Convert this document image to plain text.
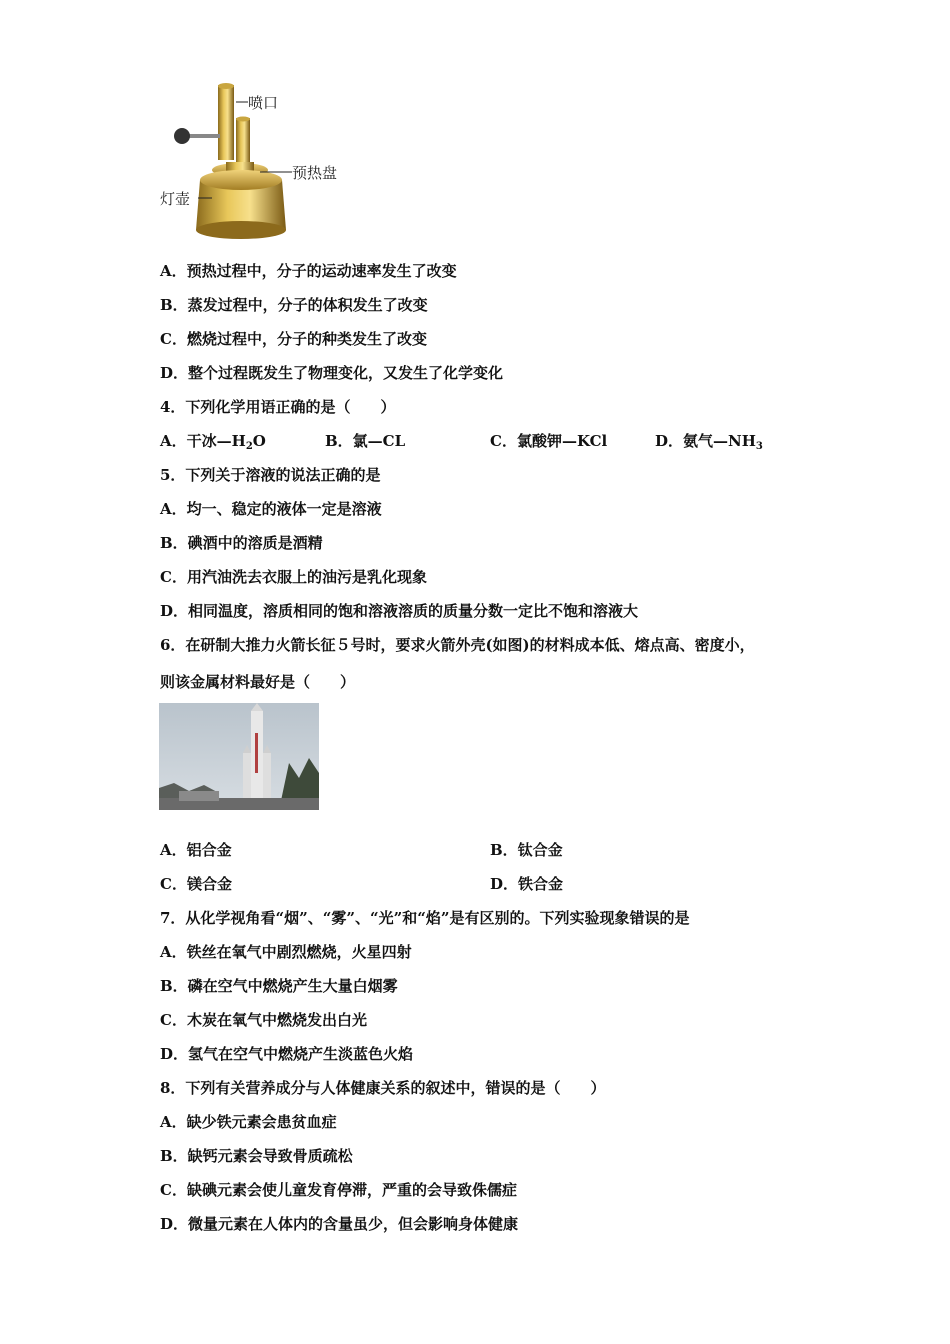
喷口
预热盘
灯壶
A．预热过程中，分子的运动速率发生了改变
B．蒸发过程中，分子的体积发生了改变
C．燃烧过程中，分子的种类发生了改变
D．整个过程既发生了物理变化，又发生了化学变化
4．下列化学用语正确的是（　　）
A．干冰$—H_2O$	B．氯—CL	C．氯酸钾—KCl	D．氨气$—NH_3$
5．下列关于溶液的说法正确的是
A．均一、稳定的液体一定是溶液
B．碘酒中的溶质是酒精
C．用汽油洗去衣服上的油污是乳化现象
D．相同温度，溶质相同的饱和溶液溶质的质量分数一定比不饱和溶液大
6．在研制大推力火箭长征５号时，要求火箭外壳(如图)的材料成本低、熔点高、密度小，
则该金属材料最好是（　　）
A．铝合金	B．钛合金
C．镁合金	D．铁合金
7．从化学视角看“烟”、“雾”、“光”和“焰”是有区别的。下列实验现象错误的是
A．铁丝在氧气中剧烈燃烧，火星四射
B．磷在空气中燃烧产生大量白烟雾
C．木炭在氧气中燃烧发出白光
D．氢气在空气中燃烧产生淡蓝色火焰
8．下列有关营养成分与人体健康关系的叙述中，错误的是（　　）
A．缺少铁元素会患贫血症
B．缺钙元素会导致骨质疏松
C．缺碘元素会使儿童发育停滞，严重的会导致侏儒症
D．微量元素在人体内的含量虽少，但会影响身体健康
